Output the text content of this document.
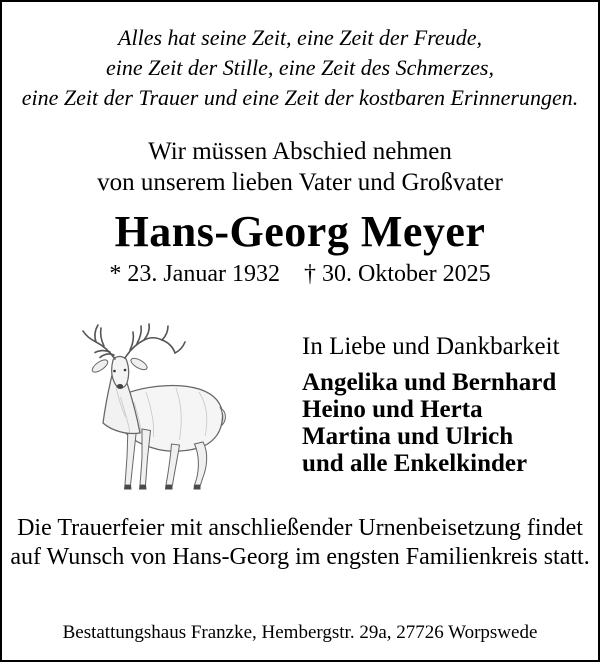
Alles hat seine Zeit, eine Zeit der Freude,
eine Zeit der Stille, eine Zeit des Schmerzes,
eine Zeit der Trauer und eine Zeit der kostbaren Erinnerungen.
Wir müssen Abschied nehmen
von unserem lieben Vater und Großvater
Hans-Georg Meyer
* 23. Januar 1932 † 30. Oktober 2025
In Liebe und Dankbarkeit
Angelika und Bernhard
Heino und Herta
Martina und Ulrich
und alle Enkelkinder
Die Trauerfeier mit anschließender Urnenbeisetzung findet
auf Wunsch von Hans-Georg im engsten Familienkreis statt.
Bestattungshaus Franzke, Hembergstr. 29a, 27726 Worpswede
